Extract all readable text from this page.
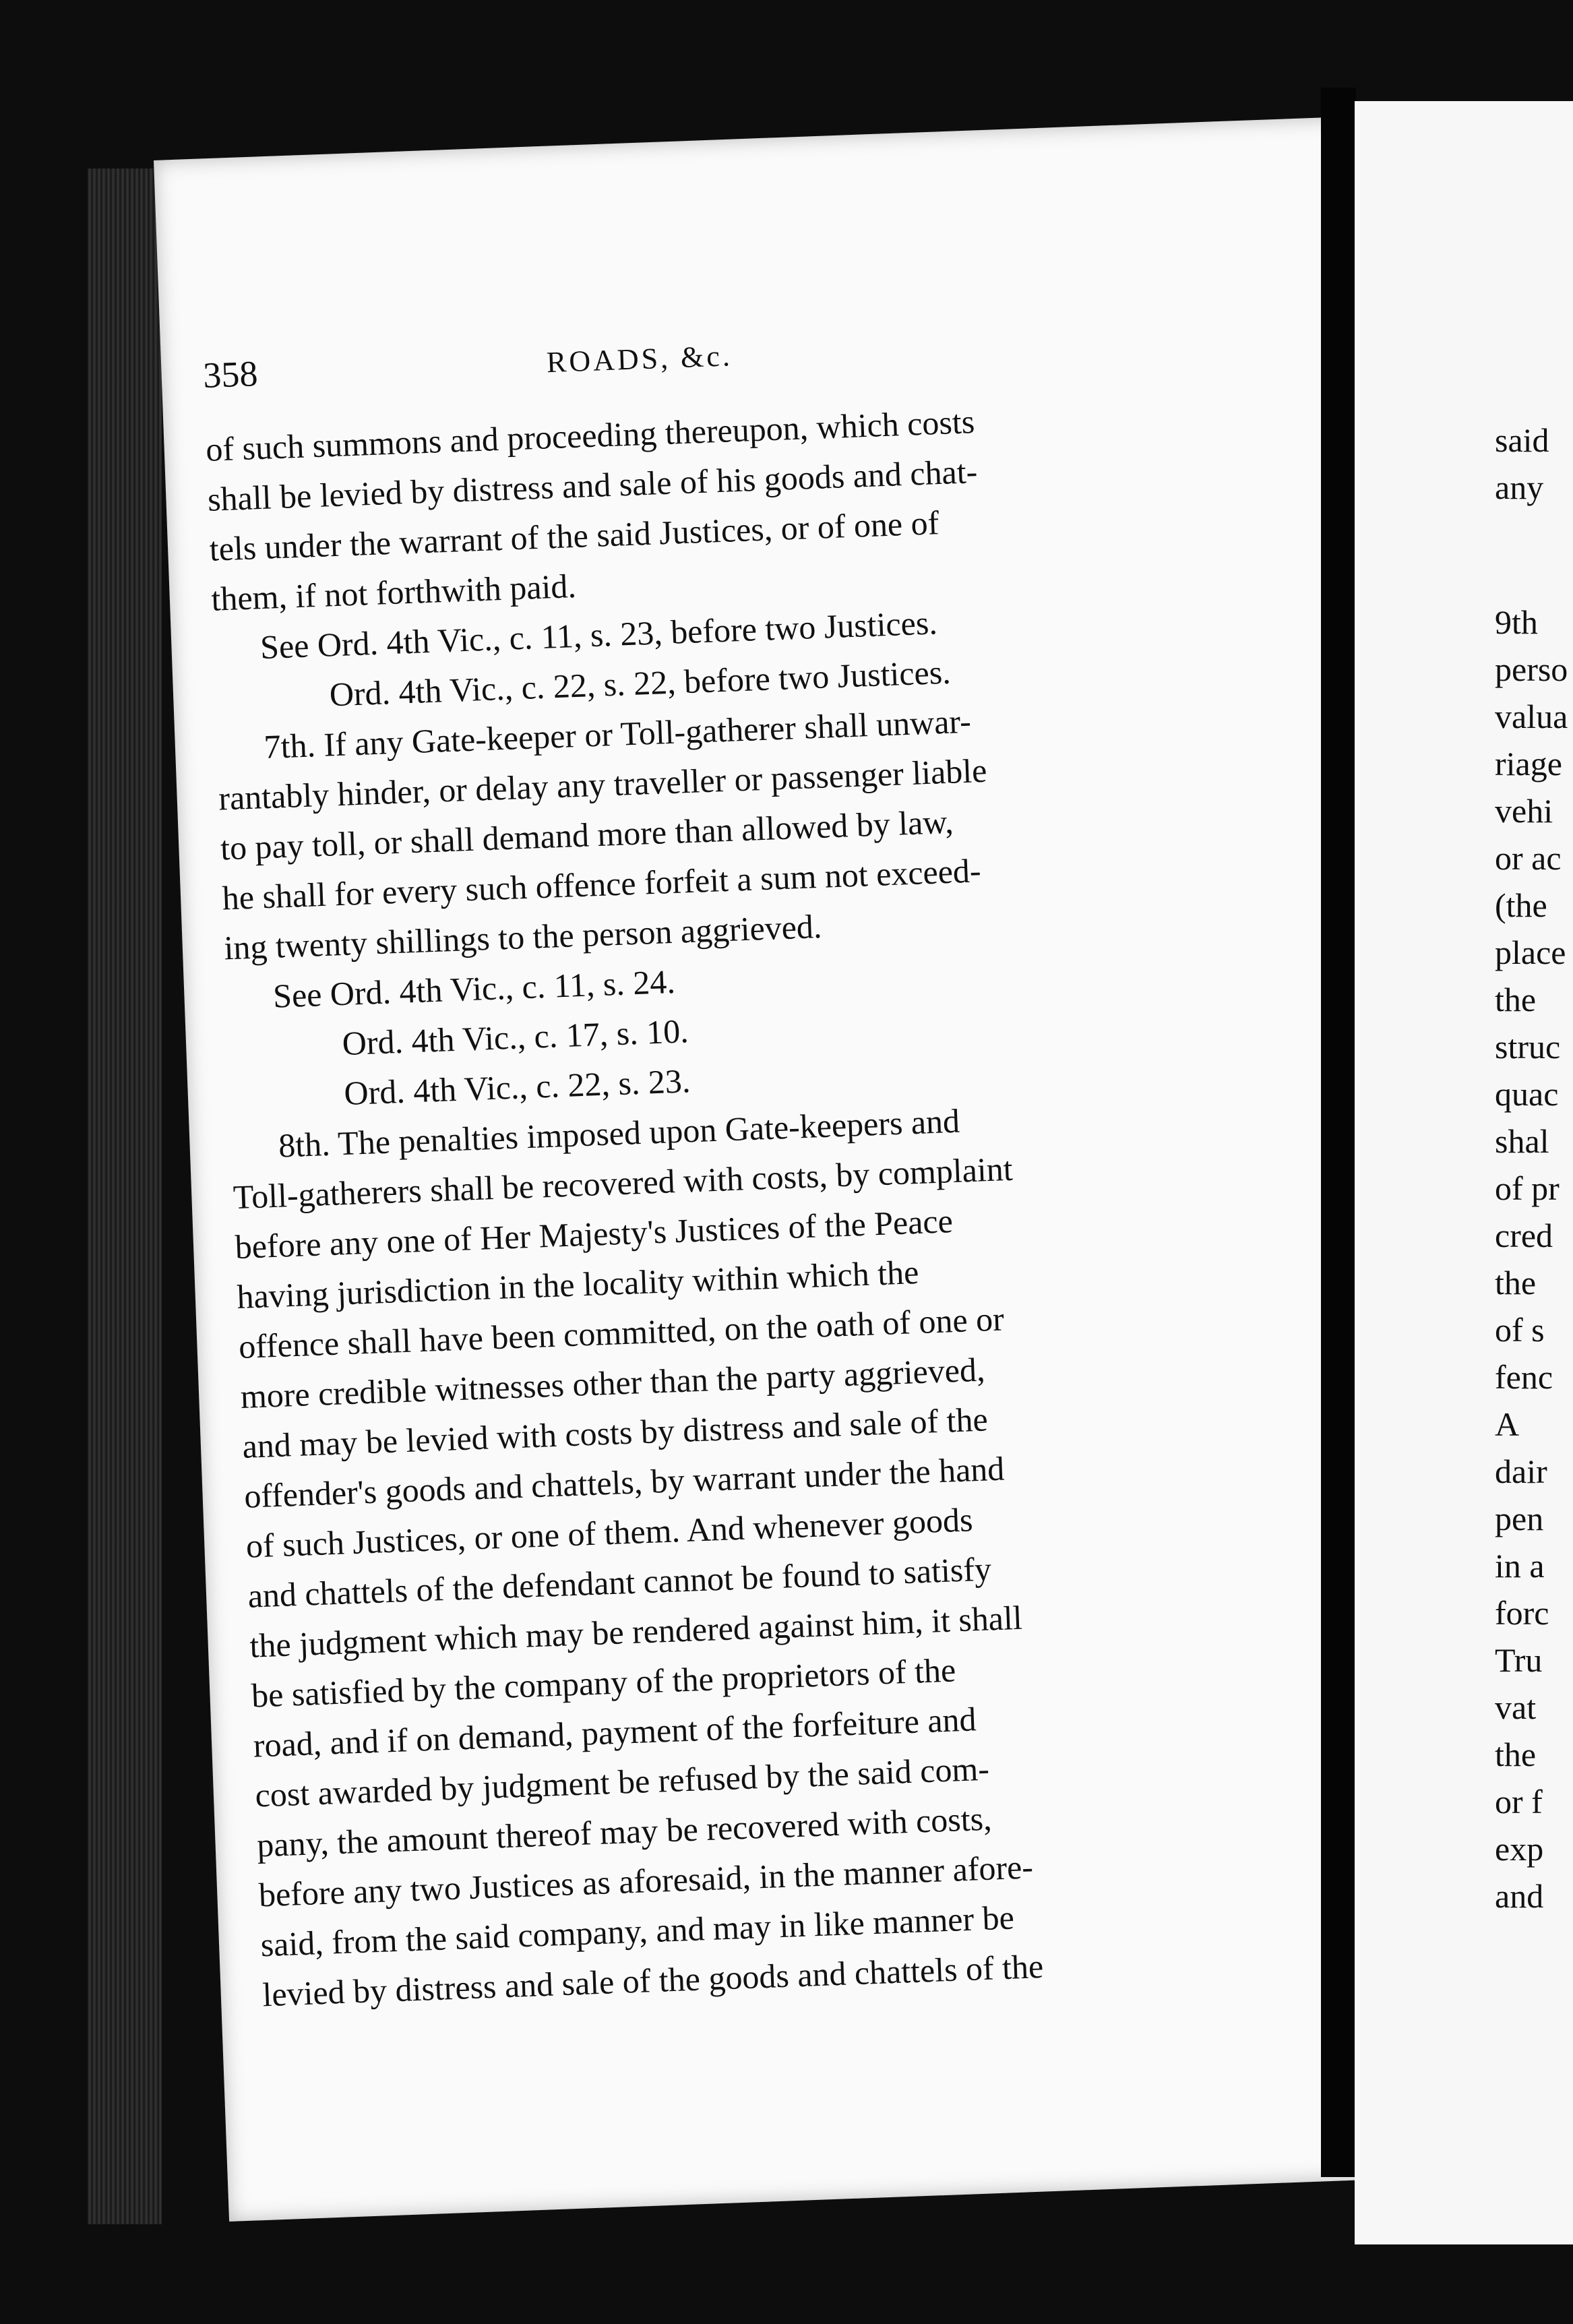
358	ROADS, &c.
of such summons and proceeding thereupon, which costs
shall be levied by distress and sale of his goods and chat-
tels under the warrant of the said Justices, or of one of
them, if not forthwith paid.
See Ord. 4th Vic., c. 11, s. 23, before two Justices.
Ord. 4th Vic., c. 22, s. 22, before two Justices.
7th. If any Gate-keeper or Toll-gatherer shall unwar-
rantably hinder, or delay any traveller or passenger liable
to pay toll, or shall demand more than allowed by law,
he shall for every such offence forfeit a sum not exceed-
ing twenty shillings to the person aggrieved.
See Ord. 4th Vic., c. 11, s. 24.
Ord. 4th Vic., c. 17, s. 10.
Ord. 4th Vic., c. 22, s. 23.
8th. The penalties imposed upon Gate-keepers and
Toll-gatherers shall be recovered with costs, by complaint
before any one of Her Majesty's Justices of the Peace
having jurisdiction in the locality within which the
offence shall have been committed, on the oath of one or
more credible witnesses other than the party aggrieved,
and may be levied with costs by distress and sale of the
offender's goods and chattels, by warrant under the hand
of such Justices, or one of them. And whenever goods
and chattels of the defendant cannot be found to satisfy
the judgment which may be rendered against him, it shall
be satisfied by the company of the proprietors of the
road, and if on demand, payment of the forfeiture and
cost awarded by judgment be refused by the said com-
pany, the amount thereof may be recovered with costs,
before any two Justices as aforesaid, in the manner afore-
said, from the said company, and may in like manner be
levied by distress and sale of the goods and chattels of the
said
any
9th
perso
valua
riage
vehi
or ac
(the
place
the
struc
quac
shal
of pr
cred
the
of s
fenc
A
dair
pen
in a
forc
Tru
vat
the
or f
exp
and
